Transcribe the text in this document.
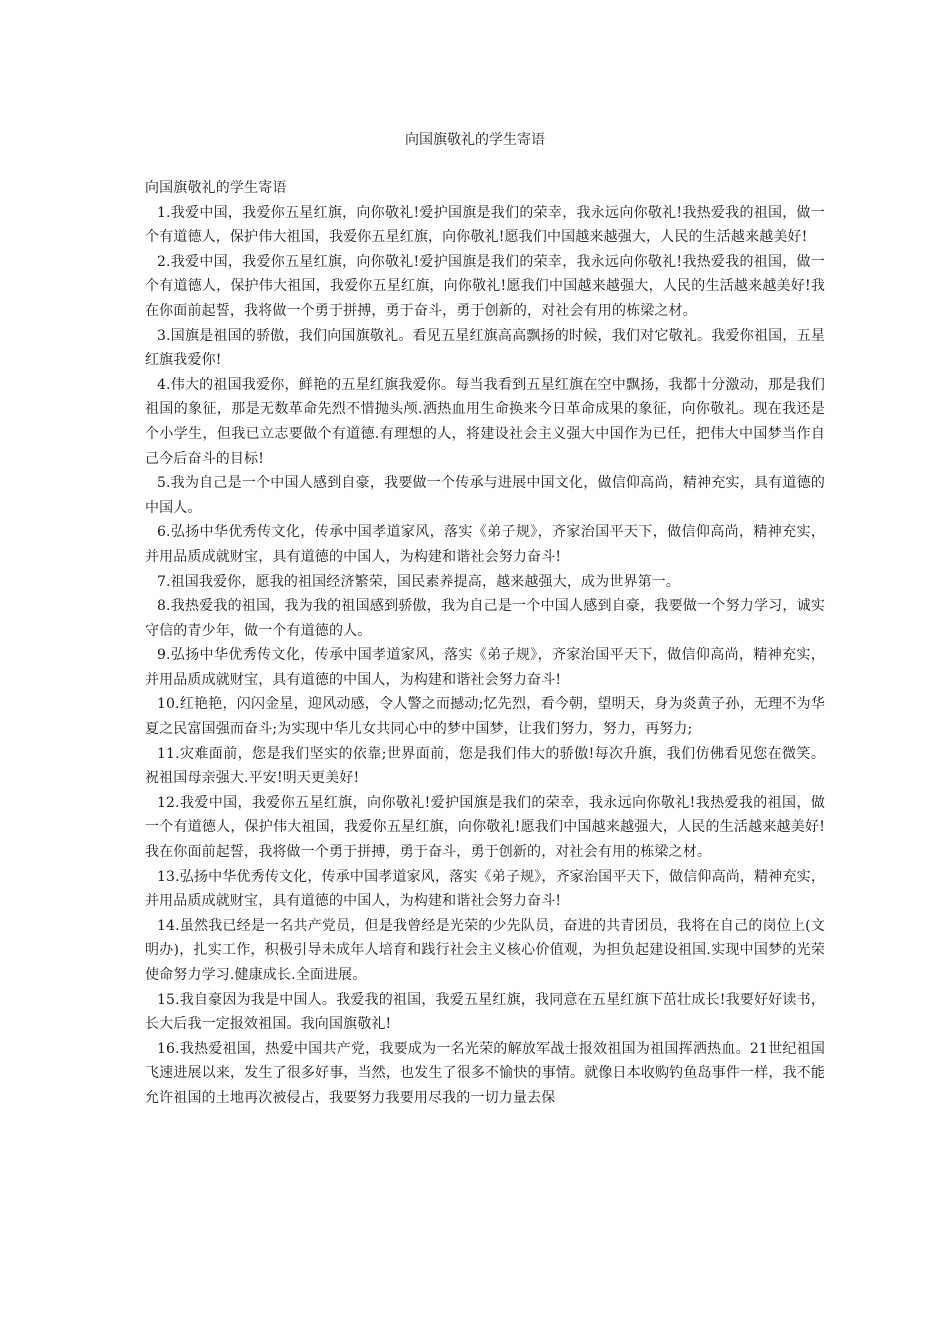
向国旗敬礼的学生寄语

向国旗敬礼的学生寄语

1.我爱中国，我爱你五星红旗，向你敬礼!爱护国旗是我们的荣幸，我永远向你敬礼!我热爱我的祖国，做一个有道德人，保护伟大祖国，我爱你五星红旗，向你敬礼!愿我们中国越来越强大，人民的生活越来越美好!

2.我爱中国，我爱你五星红旗，向你敬礼!爱护国旗是我们的荣幸，我永远向你敬礼!我热爱我的祖国，做一个有道德人，保护伟大祖国，我爱你五星红旗，向你敬礼!愿我们中国越来越强大，人民的生活越来越美好!我在你面前起誓，我将做一个勇于拼搏，勇于奋斗，勇于创新的，对社会有用的栋梁之材。

3.国旗是祖国的骄傲，我们向国旗敬礼。看见五星红旗高高飘扬的时候，我们对它敬礼。我爱你祖国，五星红旗我爱你!

4.伟大的祖国我爱你，鲜艳的五星红旗我爱你。每当我看到五星红旗在空中飘扬，我都十分激动，那是我们祖国的象征，那是无数革命先烈不惜抛头颅.洒热血用生命换来今日革命成果的象征，向你敬礼。现在我还是个小学生，但我已立志要做个有道德.有理想的人，将建设社会主义强大中国作为已任，把伟大中国梦当作自己今后奋斗的目标!

5.我为自己是一个中国人感到自豪，我要做一个传承与进展中国文化，做信仰高尚，精神充实，具有道德的中国人。

6.弘扬中华优秀传文化，传承中国孝道家风，落实《弟子规》，齐家治国平天下，做信仰高尚，精神充实，并用品质成就财宝，具有道德的中国人，为构建和谐社会努力奋斗!

7.祖国我爱你，愿我的祖国经济繁荣，国民素养提高，越来越强大，成为世界第一。

8.我热爱我的祖国，我为我的祖国感到骄傲，我为自己是一个中国人感到自豪，我要做一个努力学习，诚实守信的青少年，做一个有道德的人。

9.弘扬中华优秀传文化，传承中国孝道家风，落实《弟子规》，齐家治国平天下，做信仰高尚，精神充实，并用品质成就财宝，具有道德的中国人，为构建和谐社会努力奋斗!

10.红艳艳，闪闪金星，迎风动感，令人警之而撼动;忆先烈，看今朝，望明天，身为炎黄子孙，无理不为华夏之民富国强而奋斗;为实现中华儿女共同心中的梦中国梦，让我们努力，努力，再努力;

11.灾难面前，您是我们坚实的依靠;世界面前，您是我们伟大的骄傲!每次升旗，我们仿佛看见您在微笑。祝祖国母亲强大.平安!明天更美好!

12.我爱中国，我爱你五星红旗，向你敬礼!爱护国旗是我们的荣幸，我永远向你敬礼!我热爱我的祖国，做一个有道德人，保护伟大祖国，我爱你五星红旗，向你敬礼!愿我们中国越来越强大，人民的生活越来越美好!我在你面前起誓，我将做一个勇于拼搏，勇于奋斗，勇于创新的，对社会有用的栋梁之材。

13.弘扬中华优秀传文化，传承中国孝道家风，落实《弟子规》，齐家治国平天下，做信仰高尚，精神充实，并用品质成就财宝，具有道德的中国人，为构建和谐社会努力奋斗!

14.虽然我已经是一名共产党员，但是我曾经是光荣的少先队员，奋进的共青团员，我将在自己的岗位上(文明办)，扎实工作，积极引导未成年人培育和践行社会主义核心价值观，为担负起建设祖国.实现中国梦的光荣使命努力学习.健康成长.全面进展。

15.我自豪因为我是中国人。我爱我的祖国，我爱五星红旗，我同意在五星红旗下茁壮成长!我要好好读书，长大后我一定报效祖国。我向国旗敬礼!

16.我热爱祖国，热爱中国共产党，我要成为一名光荣的解放军战士报效祖国为祖国挥洒热血。21世纪祖国飞速进展以来，发生了很多好事，当然，也发生了很多不愉快的事情。就像日本收购钓鱼岛事件一样，我不能允许祖国的土地再次被侵占，我要努力我要用尽我的一切力量去保
